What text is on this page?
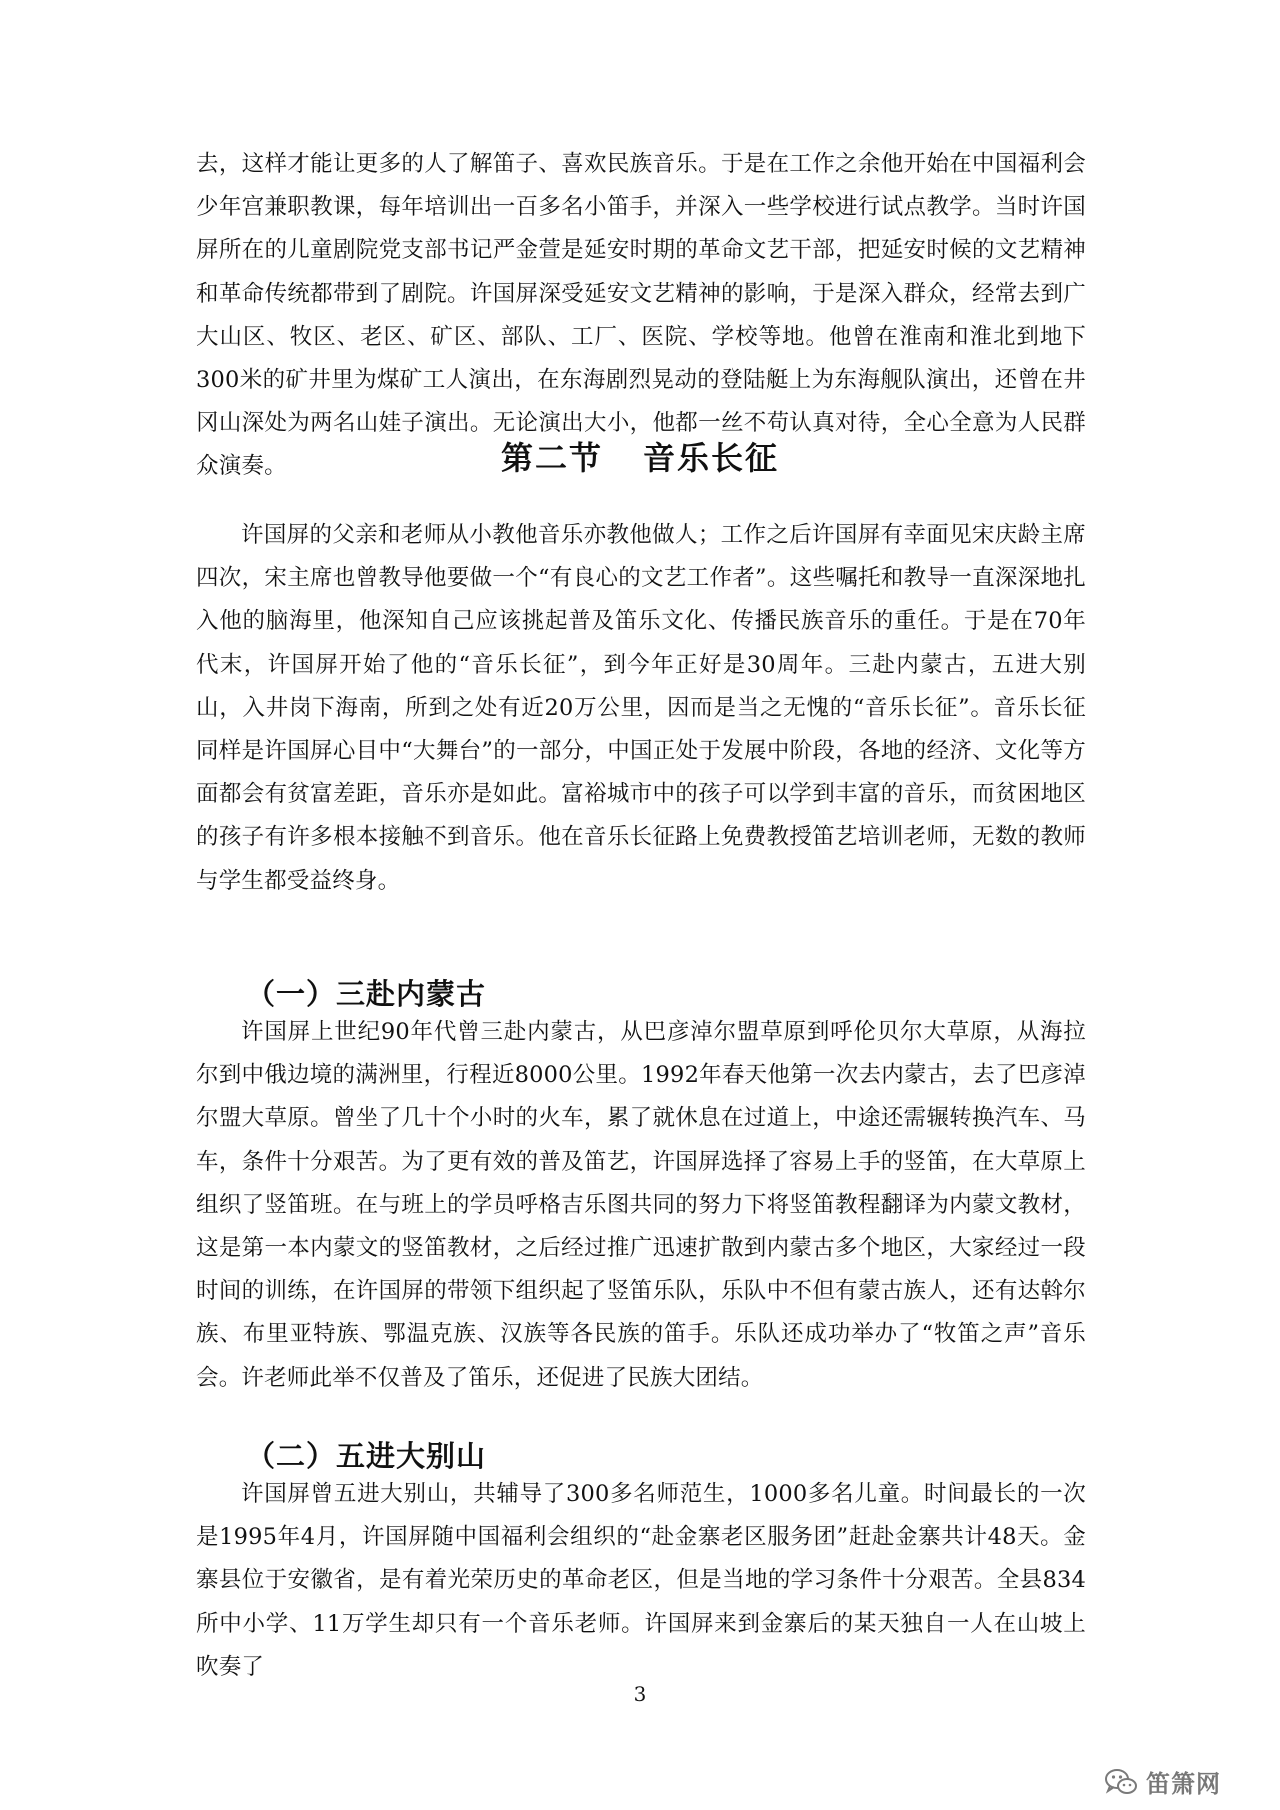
去，这样才能让更多的人了解笛子、喜欢民族音乐。于是在工作之余他开始在中国福利会少年宫兼职教课，每年培训出一百多名小笛手，并深入一些学校进行试点教学。当时许国屏所在的儿童剧院党支部书记严金萱是延安时期的革命文艺干部，把延安时候的文艺精神和革命传统都带到了剧院。许国屏深受延安文艺精神的影响，于是深入群众，经常去到广大山区、牧区、老区、矿区、部队、工厂、医院、学校等地。他曾在淮南和淮北到地下300米的矿井里为煤矿工人演出，在东海剧烈晃动的登陆艇上为东海舰队演出，还曾在井冈山深处为两名山娃子演出。无论演出大小，他都一丝不苟认真对待，全心全意为人民群众演奏。	第二节 音乐长征

许国屏的父亲和老师从小教他音乐亦教他做人；工作之后许国屏有幸面见宋庆龄主席四次，宋主席也曾教导他要做一个“有良心的文艺工作者”。这些嘱托和教导一直深深地扎入他的脑海里，他深知自己应该挑起普及笛乐文化、传播民族音乐的重任。于是在70年代末，许国屏开始了他的“音乐长征”，到今年正好是30周年。三赴内蒙古，五进大别山，入井岗下海南，所到之处有近20万公里，因而是当之无愧的“音乐长征”。音乐长征同样是许国屏心目中“大舞台”的一部分，中国正处于发展中阶段，各地的经济、文化等方面都会有贫富差距，音乐亦是如此。富裕城市中的孩子可以学到丰富的音乐，而贫困地区的孩子有许多根本接触不到音乐。他在音乐长征路上免费教授笛艺培训老师，无数的教师与学生都受益终身。

（一）三赴内蒙古

许国屏上世纪90年代曾三赴内蒙古，从巴彦淖尔盟草原到呼伦贝尔大草原，从海拉尔到中俄边境的满洲里，行程近8000公里。1992年春天他第一次去内蒙古，去了巴彦淖尔盟大草原。曾坐了几十个小时的火车，累了就休息在过道上，中途还需辗转换汽车、马车，条件十分艰苦。为了更有效的普及笛艺，许国屏选择了容易上手的竖笛，在大草原上组织了竖笛班。在与班上的学员呼格吉乐图共同的努力下将竖笛教程翻译为内蒙文教材，这是第一本内蒙文的竖笛教材，之后经过推广迅速扩散到内蒙古多个地区，大家经过一段时间的训练，在许国屏的带领下组织起了竖笛乐队，乐队中不但有蒙古族人，还有达斡尔族、布里亚特族、鄂温克族、汉族等各民族的笛手。乐队还成功举办了“牧笛之声”音乐会。许老师此举不仅普及了笛乐，还促进了民族大团结。

（二）五进大别山

许国屏曾五进大别山，共辅导了300多名师范生，1000多名儿童。时间最长的一次是1995年4月，许国屏随中国福利会组织的“赴金寨老区服务团”赶赴金寨共计48天。金寨县位于安徽省，是有着光荣历史的革命老区，但是当地的学习条件十分艰苦。全县834所中小学、11万学生却只有一个音乐老师。许国屏来到金寨后的某天独自一人在山坡上吹奏了

3
笛箫网
